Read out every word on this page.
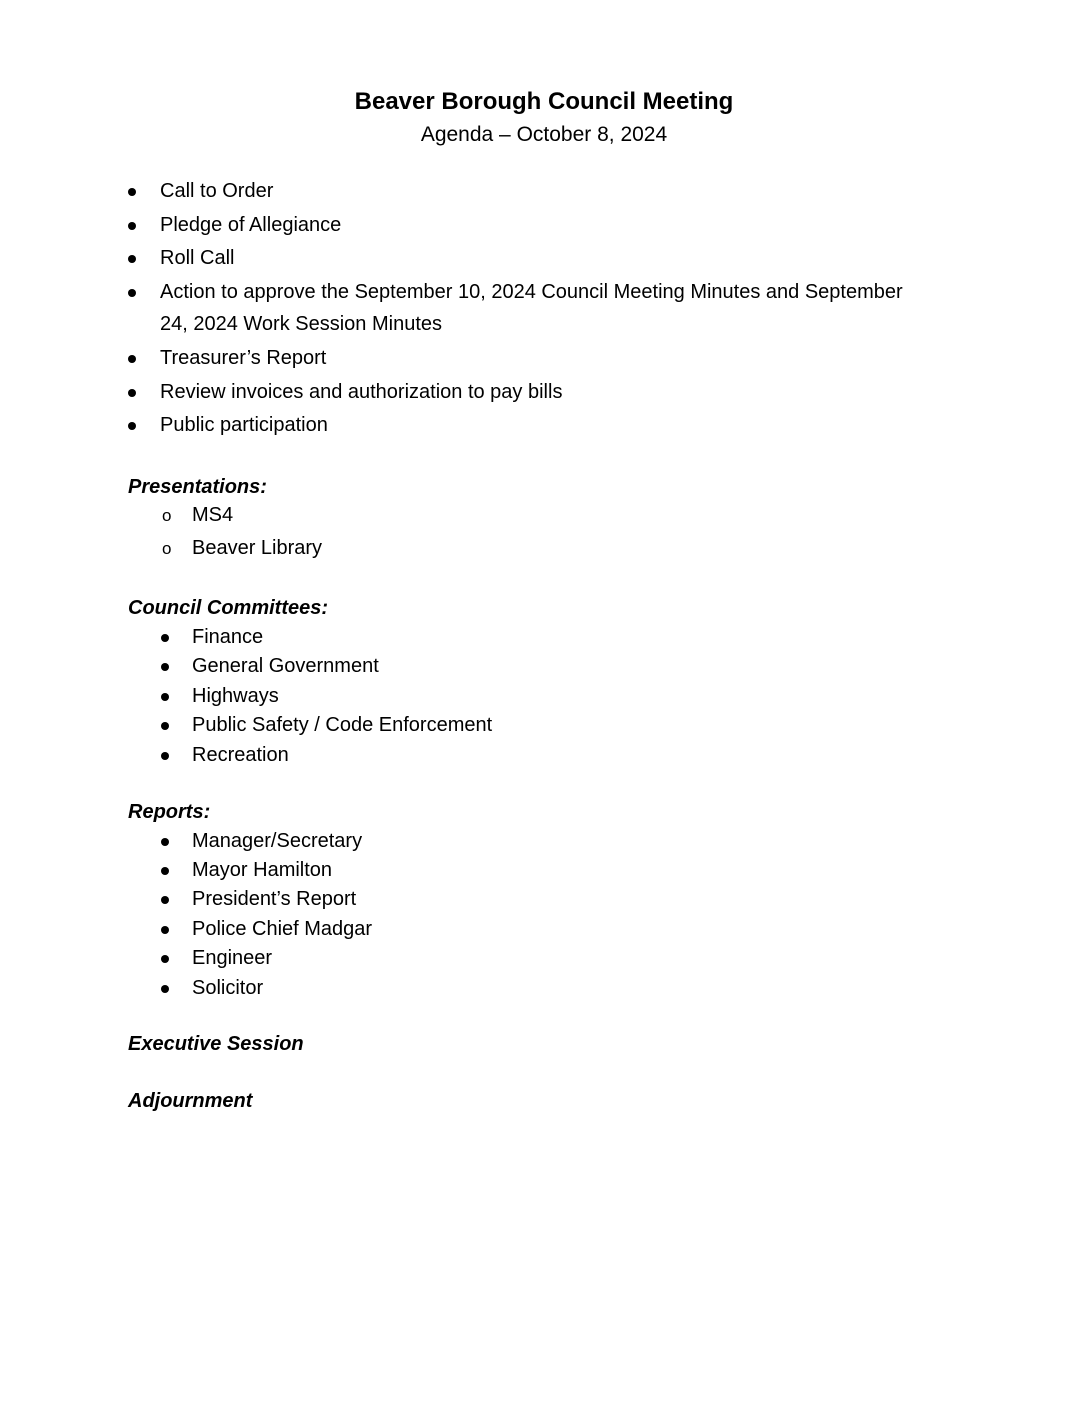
Beaver Borough Council Meeting
Agenda – October 8, 2024
Call to Order
Pledge of Allegiance
Roll Call
Action to approve the September 10, 2024 Council Meeting Minutes and September
24, 2024 Work Session Minutes
Treasurer’s Report
Review invoices and authorization to pay bills
Public participation
Presentations:
o MS4
o Beaver Library
Council Committees:
Finance
General Government
Highways
Public Safety / Code Enforcement
Recreation
Reports:
Manager/Secretary
Mayor Hamilton
President’s Report
Police Chief Madgar
Engineer
Solicitor
Executive Session
Adjournment
